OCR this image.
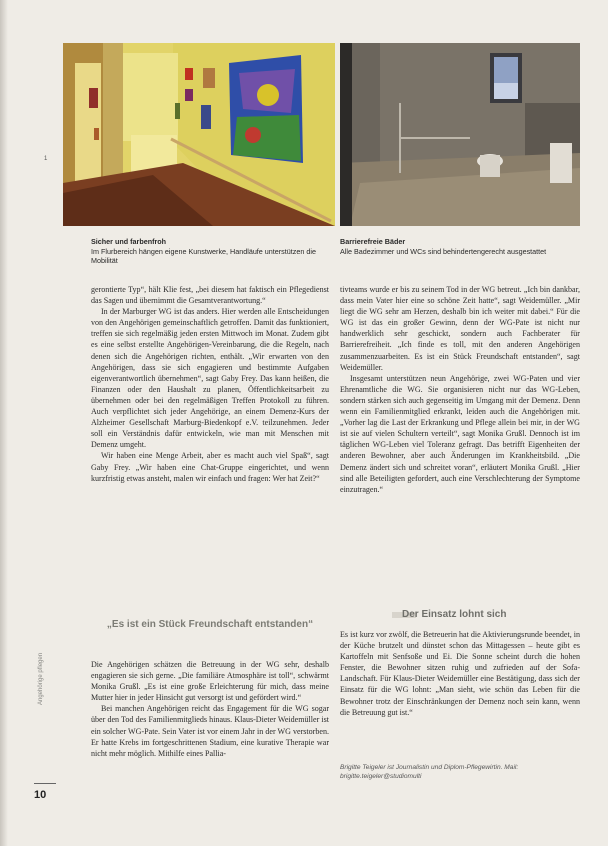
1
Sicher und farbenfroh
Im Flurbereich hängen eigene Kunstwerke, Handläufe unterstützen die Mobilität
Barrierefreie Bäder
Alle Badezimmer und WCs sind behindertengerecht ausgestattet

gerontierte Typ“, hält Klie fest, „bei diesem hat faktisch ein Pflegedienst das Sagen und übernimmt die Gesamtverantwortung.“

In der Marburger WG ist das anders. Hier werden alle Entscheidungen von den Angehörigen gemeinschaftlich getroffen. Damit das funktioniert, treffen sie sich regelmäßig jeden ersten Mittwoch im Monat. Zudem gibt es eine selbst erstellte Angehörigen-Vereinbarung, die die Regeln, nach denen sich die Angehörigen richten, enthält. „Wir erwarten von den Angehörigen, dass sie sich engagieren und bestimmte Aufgaben eigenverantwortlich übernehmen“, sagt Gaby Frey. Das kann heißen, die Finanzen oder den Haushalt zu planen, Öffentlichkeitsarbeit zu übernehmen oder bei den regelmäßigen Treffen Protokoll zu führen. Auch verpflichtet sich jeder Angehörige, an einem Demenz-Kurs der Alzheimer Gesellschaft Marburg-Biedenkopf e.V. teilzunehmen. Jeder soll ein Verständnis dafür entwickeln, wie man mit Menschen mit Demenz umgeht.

Wir haben eine Menge Arbeit, aber es macht auch viel Spaß“, sagt Gaby Frey. „Wir haben eine Chat-Gruppe eingerichtet, und wenn kurzfristig etwas ansteht, malen wir einfach und fragen: Wer hat Zeit?“

„Es ist ein Stück Freundschaft entstanden“

Die Angehörigen schätzen die Betreuung in der WG sehr, deshalb engagieren sie sich gerne. „Die familiäre Atmosphäre ist toll“, schwärmt Monika Grußl. „Es ist eine große Erleichterung für mich, dass meine Mutter hier in jeder Hinsicht gut versorgt ist und gefördert wird.“

Bei manchen Angehörigen reicht das Engagement für die WG sogar über den Tod des Familienmitglieds hinaus. Klaus-Dieter Weidemüller ist ein solcher WG-Pate. Sein Vater ist vor einem Jahr in der WG verstorben. Er hatte Krebs im fortgeschrittenen Stadium, eine kurative Therapie war nicht mehr möglich. Mithilfe eines Pallia-

tivteams wurde er bis zu seinem Tod in der WG betreut. „Ich bin dankbar, dass mein Vater hier eine so schöne Zeit hatte“, sagt Weidemüller. „Mir liegt die WG sehr am Herzen, deshalb bin ich weiter mit dabei.“ Für die WG ist das ein großer Gewinn, denn der WG-Pate ist nicht nur handwerklich sehr geschickt, sondern auch Fachberater für Barrierefreiheit. „Ich finde es toll, mit den anderen Angehörigen zusammenzuarbeiten. Es ist ein Stück Freundschaft entstanden“, sagt Weidemüller.

Insgesamt unterstützen neun Angehörige, zwei WG-Paten und vier Ehrenamtliche die WG. Sie organisieren nicht nur das WG-Leben, sondern stärken sich auch gegenseitig im Umgang mit der Demenz. Denn wenn ein Familienmitglied erkrankt, leiden auch die Angehörigen mit. „Vorher lag die Last der Erkrankung und Pflege allein bei mir, in der WG ist sie auf vielen Schultern verteilt“, sagt Monika Grußl. Dennoch ist im täglichen WG-Leben viel Toleranz gefragt. Das betrifft Eigenheiten der anderen Bewohner, aber auch Änderungen im Krankheitsbild. „Die Demenz ändert sich und schreitet voran“, erläutert Monika Grußl. „Hier sind alle Beteiligten gefordert, auch eine Verschlechterung der Symptome einzutragen.“

Der Einsatz lohnt sich

Es ist kurz vor zwölf, die Betreuerin hat die Aktivierungsrunde beendet, in der Küche brutzelt und dünstet schon das Mittagessen – heute gibt es Kartoffeln mit Senfsoße und Ei. Die Sonne scheint durch die hohen Fenster, die Bewohner sitzen ruhig und zufrieden auf der Sofa-Landschaft. Für Klaus-Dieter Weidemüller eine Bestätigung, dass sich der Einsatz für die WG lohnt: „Man sieht, wie schön das Leben für die Bewohner trotz der Einschränkungen der Demenz noch sein kann, wenn die Betreuung gut ist.“

Brigitte Teigeler ist Journalistin und Diplom-Pflegewirtin. Mail: brigitte.teigeler@studiomulti
Angehörige pflegen
10
